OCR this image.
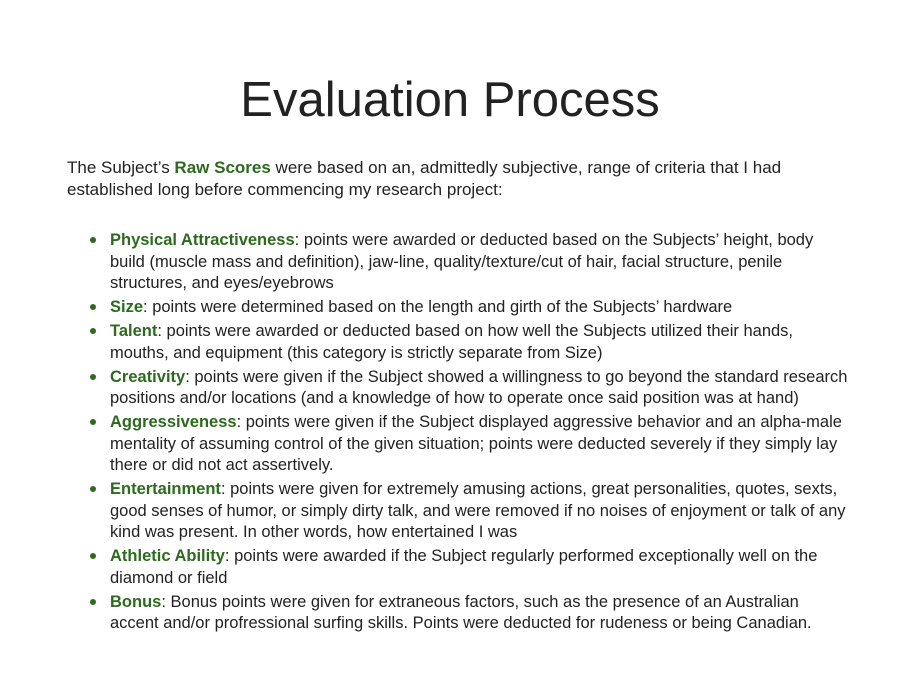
Evaluation Process

The Subject’s Raw Scores were based on an, admittedly subjective, range of criteria that I had established long before commencing my research project:

Physical Attractiveness: points were awarded or deducted based on the Subjects’ height, body build (muscle mass and definition), jaw-line, quality/texture/cut of hair, facial structure, penile structures, and eyes/eyebrows
Size: points were determined based on the length and girth of the Subjects’ hardware
Talent: points were awarded or deducted based on how well the Subjects utilized their hands, mouths, and equipment (this category is strictly separate from Size)
Creativity: points were given if the Subject showed a willingness to go beyond the standard research positions and/or locations (and a knowledge of how to operate once said position was at hand)
Aggressiveness: points were given if the Subject displayed aggressive behavior and an alpha-male mentality of assuming control of the given situation; points were deducted severely if they simply lay there or did not act assertively.
Entertainment: points were given for extremely amusing actions, great personalities, quotes, sexts, good senses of humor, or simply dirty talk, and were removed if no noises of enjoyment or talk of any kind was present. In other words, how entertained I was
Athletic Ability: points were awarded if the Subject regularly performed exceptionally well on the diamond or field
Bonus: Bonus points were given for extraneous factors, such as the presence of an Australian accent and/or profressional surfing skills. Points were deducted for rudeness or being Canadian.
